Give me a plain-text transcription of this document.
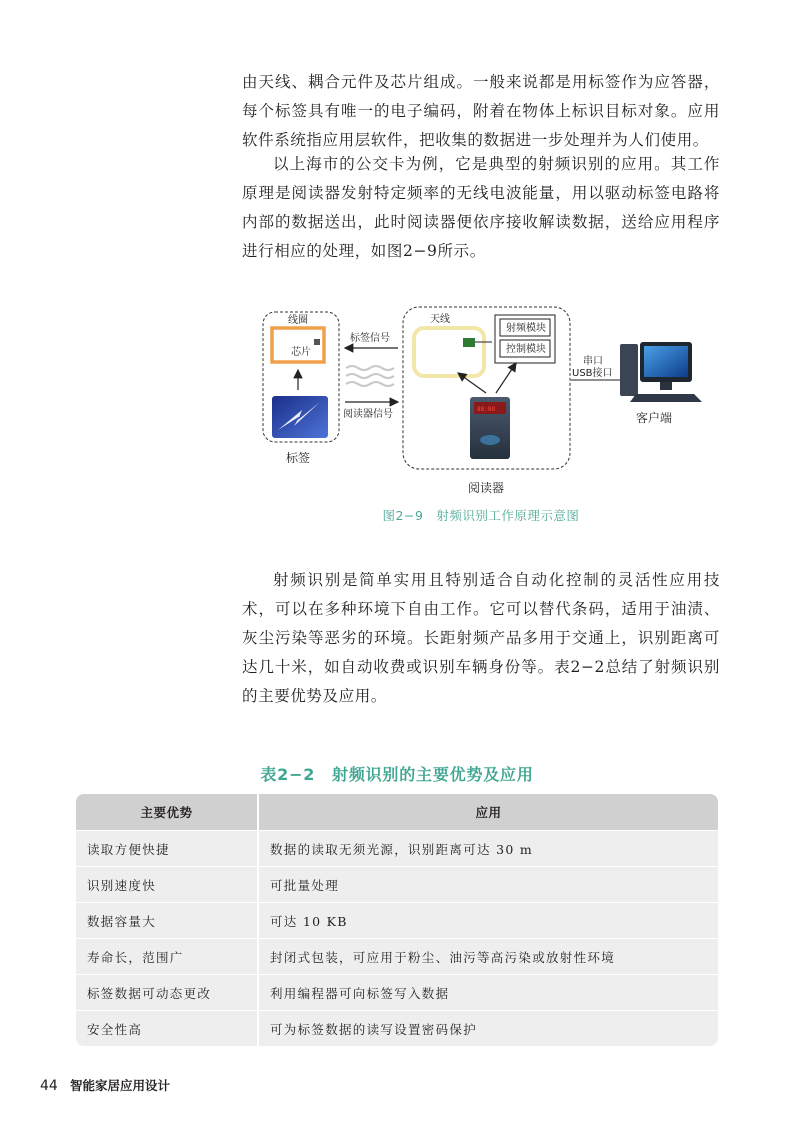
由天线、耦合元件及芯片组成。一般来说都是用标签作为应答器，每个标签具有唯一的电子编码，附着在物体上标识目标对象。应用软件系统指应用层软件，把收集的数据进一步处理并为人们使用。

以上海市的公交卡为例，它是典型的射频识别的应用。其工作原理是阅读器发射特定频率的无线电波能量，用以驱动标签电路将内部的数据送出，此时阅读器便依序接收解读数据，送给应用程序进行相应的处理，如图2−9所示。

线圈
芯片
标签
标签信号
阅读器信号
天线
射频模块
控制模块
88:88
阅读器
串口
USB接口
客户端
图2−9　射频识别工作原理示意图

射频识别是简单实用且特别适合自动化控制的灵活性应用技术，可以在多种环境下自由工作。它可以替代条码，适用于油渍、灰尘污染等恶劣的环境。长距射频产品多用于交通上，识别距离可达几十米，如自动收费或识别车辆身份等。表2−2总结了射频识别的主要优势及应用。

表2−2　射频识别的主要优势及应用
主要优势	应用
读取方便快捷	数据的读取无须光源，识别距离可达 30 m
识别速度快	可批量处理
数据容量大	可达 10 KB
寿命长，范围广	封闭式包装，可应用于粉尘、油污等高污染或放射性环境
标签数据可动态更改	利用编程器可向标签写入数据
安全性高	可为标签数据的读写设置密码保护
44 智能家居应用设计
